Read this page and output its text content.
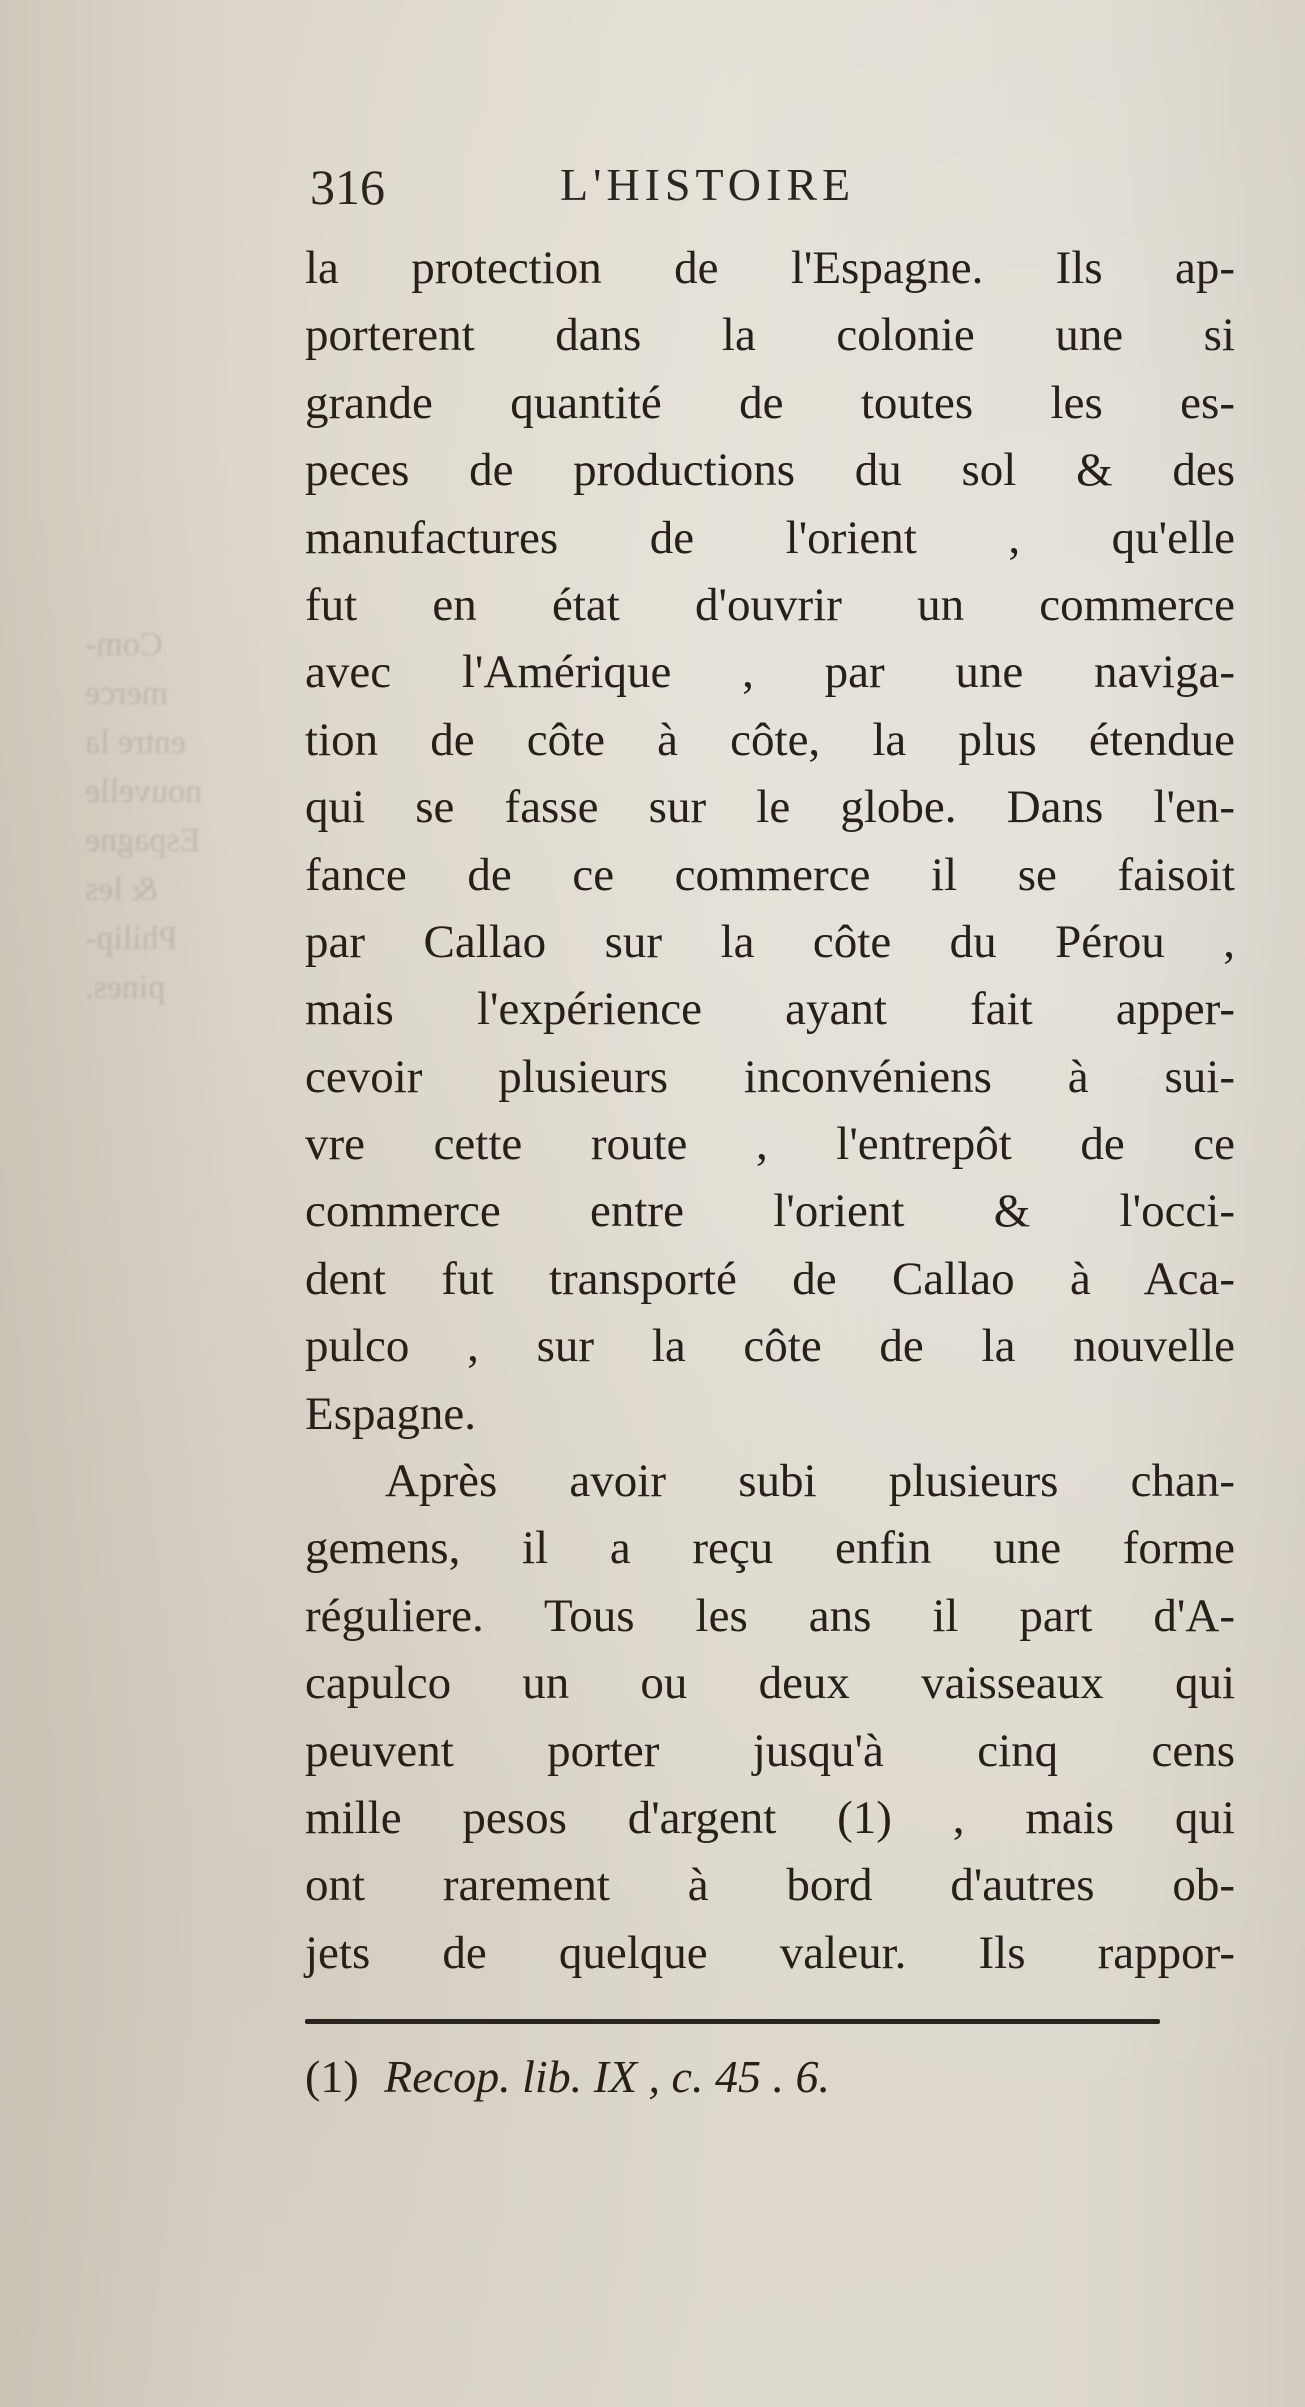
Com-
merce
entre la
nouvelle
Espagne
& les
Philip-
pines.
316	L'HISTOIRE
la protection de l'Espagne. Ils ap-
porterent dans la colonie une si
grande quantité de toutes les es-
peces de productions du sol & des
manufactures de l'orient , qu'elle
fut en état d'ouvrir un commerce
avec l'Amérique , par une naviga-
tion de côte à côte, la plus étendue
qui se fasse sur le globe. Dans l'en-
fance de ce commerce il se faisoit
par Callao sur la côte du Pérou ,
mais l'expérience ayant fait apper-
cevoir plusieurs inconvéniens à sui-
vre cette route , l'entrepôt de ce
commerce entre l'orient & l'occi-
dent fut transporté de Callao à Aca-
pulco , sur la côte de la nouvelle
Espagne.
Après avoir subi plusieurs chan-
gemens, il a reçu enfin une forme
réguliere. Tous les ans il part d'A-
capulco un ou deux vaisseaux qui
peuvent porter jusqu'à cinq cens
mille pesos d'argent (1) , mais qui
ont rarement à bord d'autres ob-
jets de quelque valeur. Ils rappor-
(1) Recop. lib. IX , c. 45 . 6.
